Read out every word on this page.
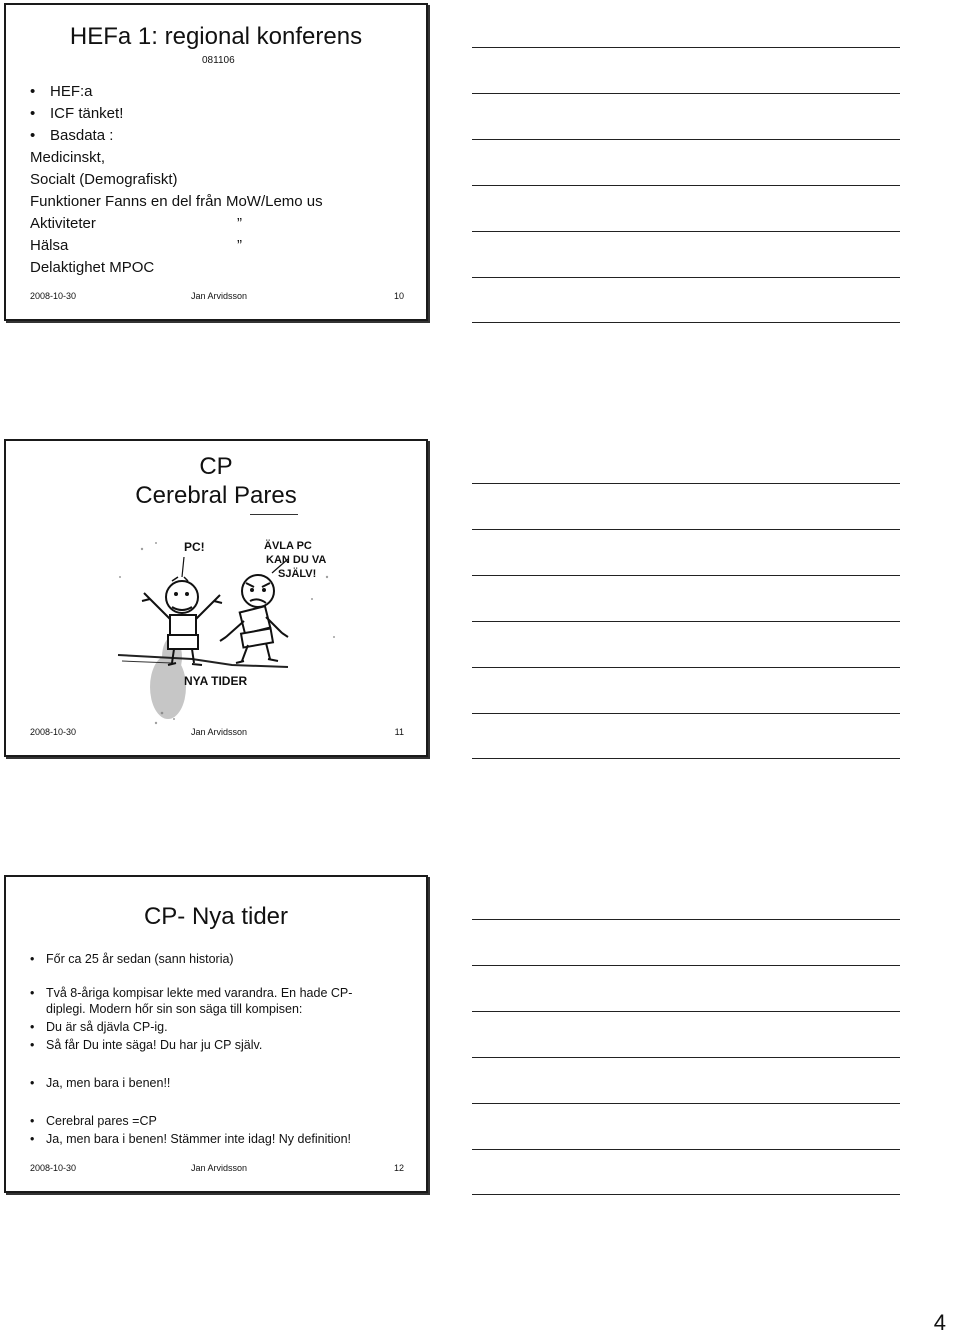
HEFa 1: regional konferens
081106
• HEF:a
• ICF tänket!
• Basdata :
Medicinskt,
Socialt (Demografiskt)
Funktioner Fanns en del från MoW/Lemo us
Aktiviteter	”
Hälsa	”
Delaktighet MPOC
2008-10-30	Jan Arvidsson	10
CP
Cerebral Pares
PC!	ÄVLA PC
KAN DU VA
SJÄLV!
NYA TIDER
2008-10-30	Jan Arvidsson	11
CP- Nya tider
• Főr ca 25 år sedan (sann historia)
• Två 8-åriga kompisar lekte med varandra. En hade CP-
diplegi. Modern hőr sin son säga till kompisen:
• Du är så djävla CP-ig.
• Så får Du inte säga! Du har ju CP själv.
• Ja, men bara i benen!!
• Cerebral pares =CP
• Ja, men bara i benen! Stämmer inte idag! Ny definition!
2008-10-30	Jan Arvidsson	12
4
